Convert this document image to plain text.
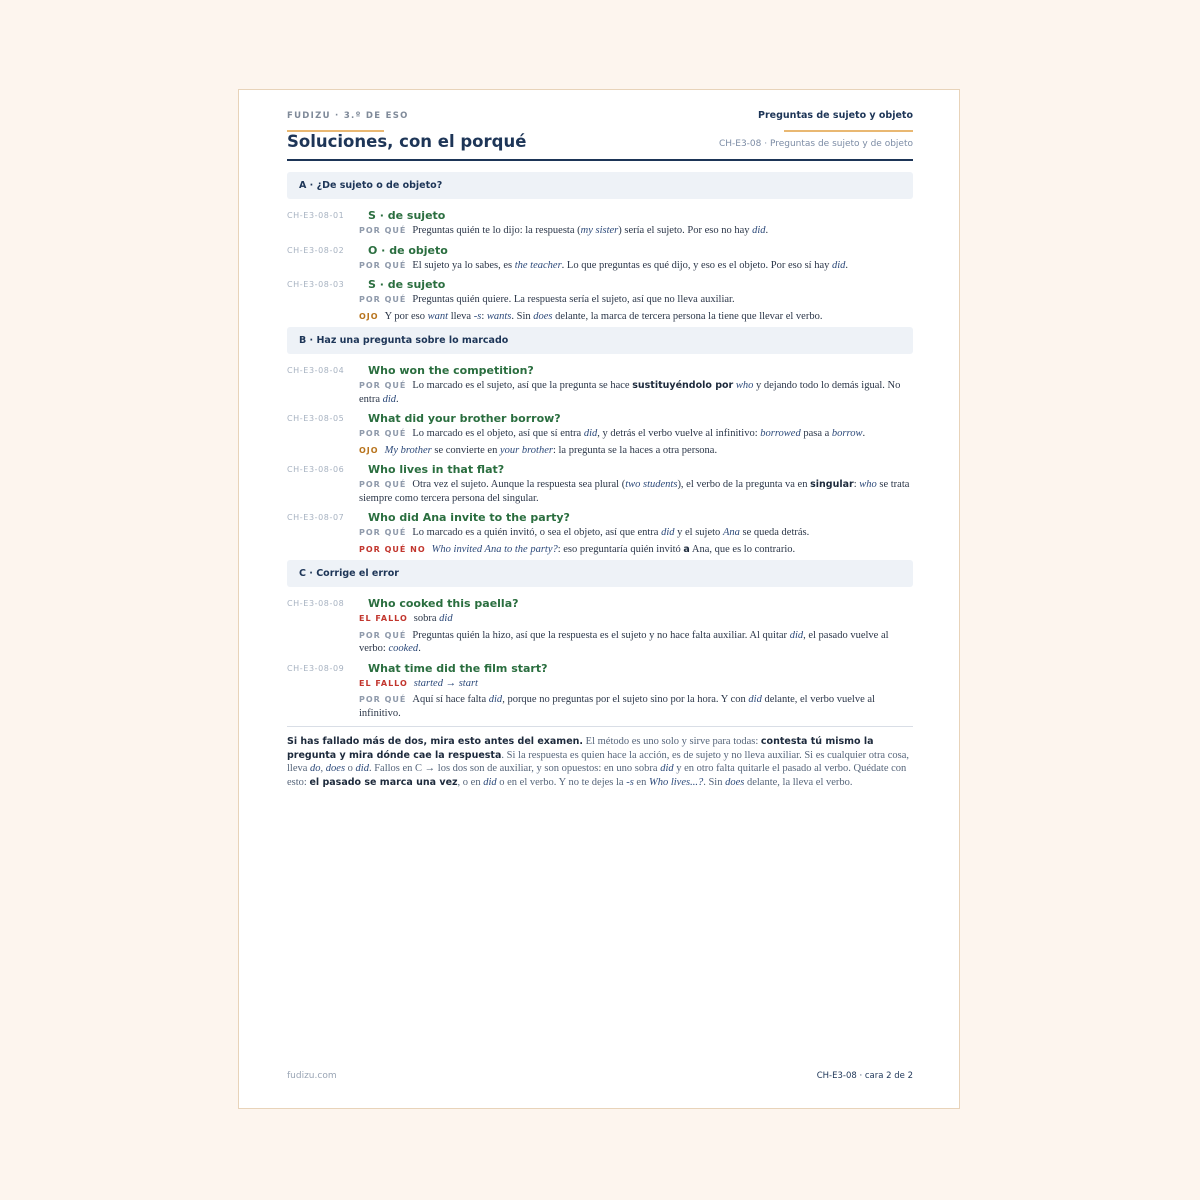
FUDIZU · 3.º DE ESO	Preguntas de sujeto y objeto
Soluciones, con el porqué	CH-E3-08 · Preguntas de sujeto y de objeto
A · ¿De sujeto o de objeto?
CH-E3-08-01	S · de sujeto
POR QUÉ Preguntas quién te lo dijo: la respuesta (my sister) sería el sujeto. Por eso no hay did.
CH-E3-08-02	O · de objeto
POR QUÉ El sujeto ya lo sabes, es the teacher. Lo que preguntas es qué dijo, y eso es el objeto. Por eso sí hay did.
CH-E3-08-03	S · de sujeto
POR QUÉ Preguntas quién quiere. La respuesta sería el sujeto, así que no lleva auxiliar.
OJO Y por eso want lleva -s: wants. Sin does delante, la marca de tercera persona la tiene que llevar el verbo.
B · Haz una pregunta sobre lo marcado
CH-E3-08-04	Who won the competition?
POR QUÉ Lo marcado es el sujeto, así que la pregunta se hace sustituyéndolo por who y dejando todo lo demás igual. No entra did.
CH-E3-08-05	What did your brother borrow?
POR QUÉ Lo marcado es el objeto, así que sí entra did, y detrás el verbo vuelve al infinitivo: borrowed pasa a borrow.
OJO My brother se convierte en your brother: la pregunta se la haces a otra persona.
CH-E3-08-06	Who lives in that flat?
POR QUÉ Otra vez el sujeto. Aunque la respuesta sea plural (two students), el verbo de la pregunta va en singular: who se trata siempre como tercera persona del singular.
CH-E3-08-07	Who did Ana invite to the party?
POR QUÉ Lo marcado es a quién invitó, o sea el objeto, así que entra did y el sujeto Ana se queda detrás.
POR QUÉ NO Who invited Ana to the party?: eso preguntaría quién invitó a Ana, que es lo contrario.
C · Corrige el error
CH-E3-08-08	Who cooked this paella?
EL FALLO sobra did
POR QUÉ Preguntas quién la hizo, así que la respuesta es el sujeto y no hace falta auxiliar. Al quitar did, el pasado vuelve al verbo: cooked.
CH-E3-08-09	What time did the film start?
EL FALLO started → start
POR QUÉ Aquí sí hace falta did, porque no preguntas por el sujeto sino por la hora. Y con did delante, el verbo vuelve al infinitivo.
Si has fallado más de dos, mira esto antes del examen. El método es uno solo y sirve para todas: contesta tú mismo la pregunta y mira dónde cae la respuesta. Si la respuesta es quien hace la acción, es de sujeto y no lleva auxiliar. Si es cualquier otra cosa, lleva do, does o did. Fallos en C → los dos son de auxiliar, y son opuestos: en uno sobra did y en otro falta quitarle el pasado al verbo. Quédate con esto: el pasado se marca una vez, o en did o en el verbo. Y no te dejes la -s en Who lives...?. Sin does delante, la lleva el verbo.
fudizu.com	CH-E3-08 · cara 2 de 2
